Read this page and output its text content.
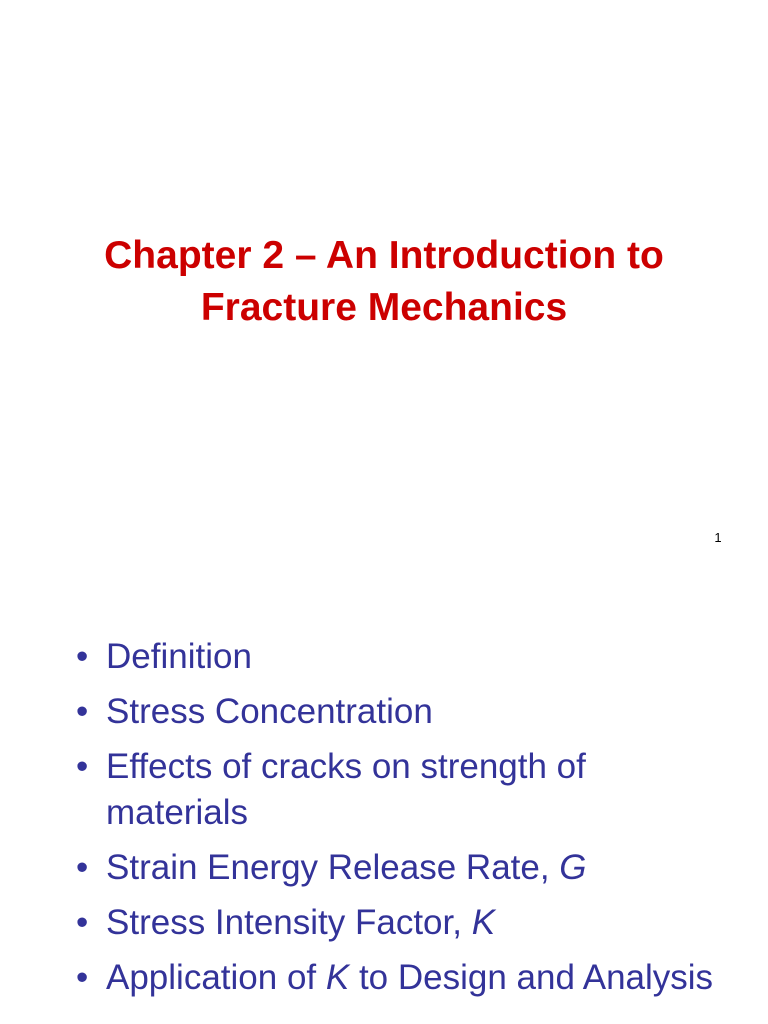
Chapter 2 – An Introduction to
Fracture Mechanics
1
• Definition
• Stress Concentration
• Effects of cracks on strength of materials
• Strain Energy Release Rate, G
• Stress Intensity Factor, K
• Application of K to Design and Analysis
